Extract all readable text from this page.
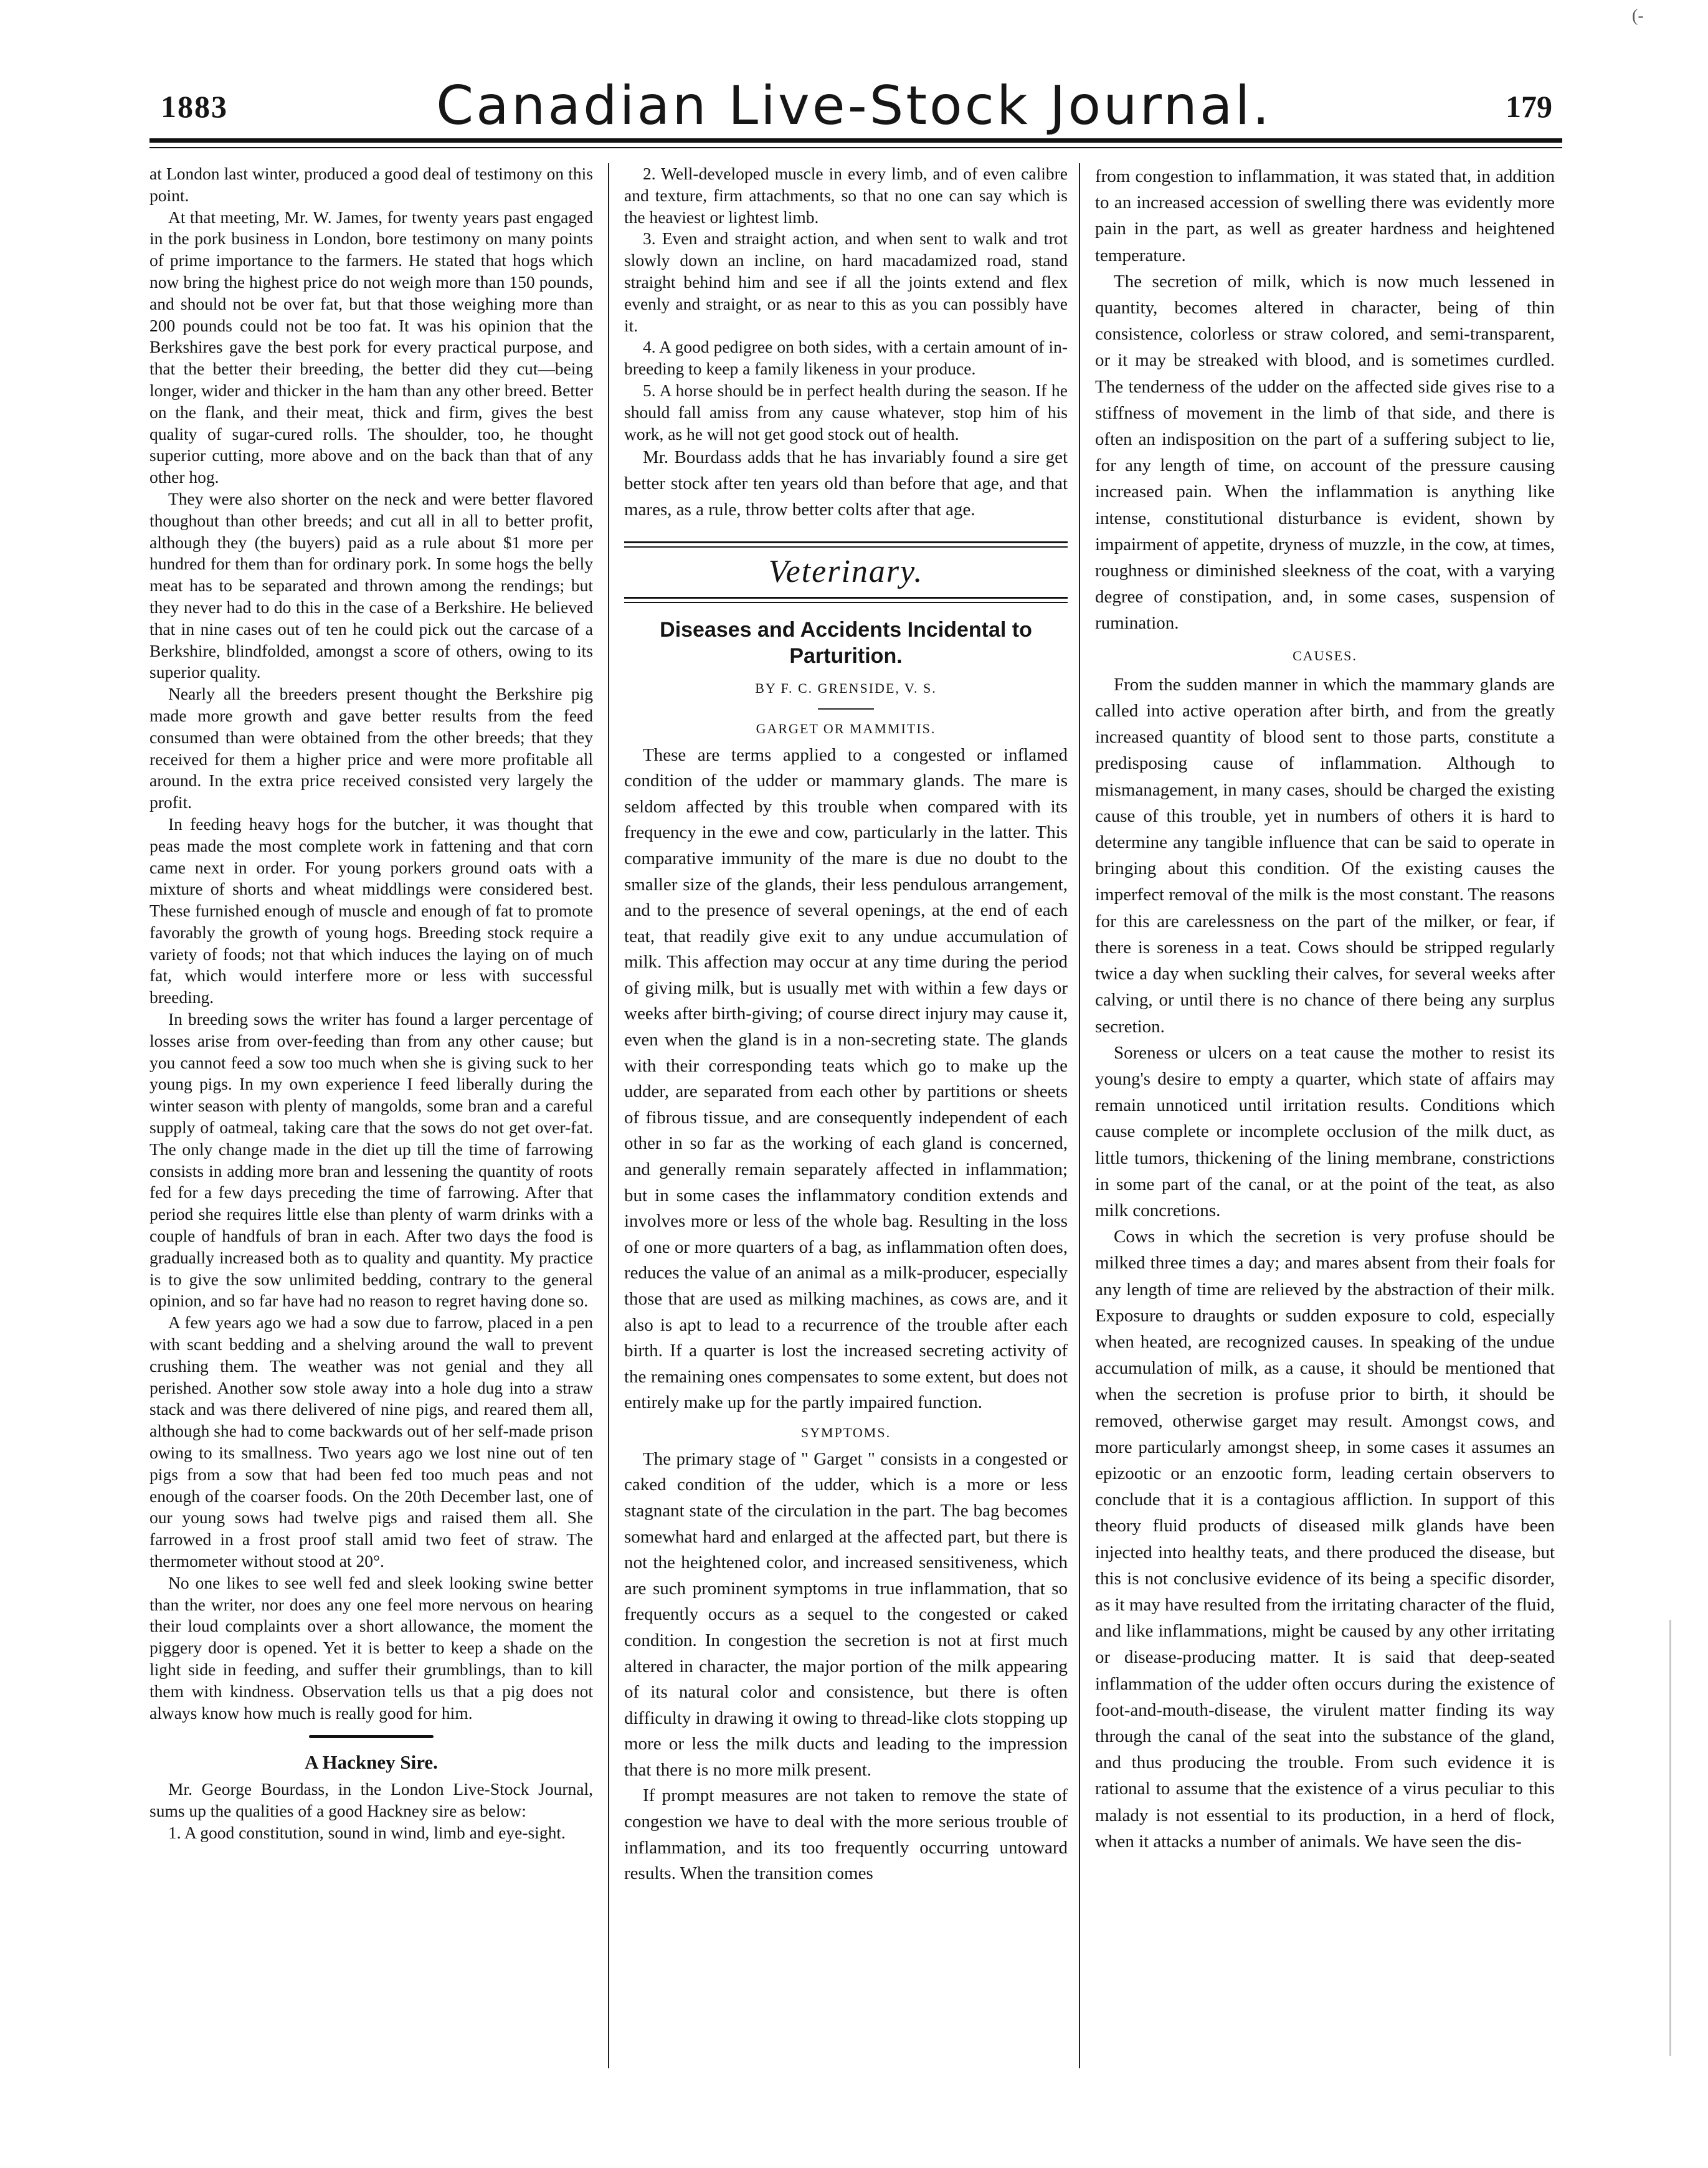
1883	Canadian Live-Stock Journal.	179
(-

at London last winter, produced a good deal of testimony on this point.

At that meeting, Mr. W. James, for twenty years past engaged in the pork business in London, bore testimony on many points of prime importance to the farmers. He stated that hogs which now bring the highest price do not weigh more than 150 pounds, and should not be over fat, but that those weighing more than 200 pounds could not be too fat. It was his opinion that the Berkshires gave the best pork for every practical purpose, and that the better their breeding, the better did they cut—being longer, wider and thicker in the ham than any other breed. Better on the flank, and their meat, thick and firm, gives the best quality of sugar-cured rolls. The shoulder, too, he thought superior cutting, more above and on the back than that of any other hog.

They were also shorter on the neck and were better flavored thoughout than other breeds; and cut all in all to better profit, although they (the buyers) paid as a rule about $1 more per hundred for them than for ordinary pork. In some hogs the belly meat has to be separated and thrown among the rendings; but they never had to do this in the case of a Berkshire. He believed that in nine cases out of ten he could pick out the carcase of a Berkshire, blindfolded, amongst a score of others, owing to its superior quality.

Nearly all the breeders present thought the Berkshire pig made more growth and gave better results from the feed consumed than were obtained from the other breeds; that they received for them a higher price and were more profitable all around. In the extra price received consisted very largely the profit.

In feeding heavy hogs for the butcher, it was thought that peas made the most complete work in fattening and that corn came next in order. For young porkers ground oats with a mixture of shorts and wheat middlings were considered best. These furnished enough of muscle and enough of fat to promote favorably the growth of young hogs. Breeding stock require a variety of foods; not that which induces the laying on of much fat, which would interfere more or less with successful breeding.

In breeding sows the writer has found a larger percentage of losses arise from over-feeding than from any other cause; but you cannot feed a sow too much when she is giving suck to her young pigs. In my own experience I feed liberally during the winter season with plenty of mangolds, some bran and a careful supply of oatmeal, taking care that the sows do not get over-fat. The only change made in the diet up till the time of farrowing consists in adding more bran and lessening the quantity of roots fed for a few days preceding the time of farrowing. After that period she requires little else than plenty of warm drinks with a couple of handfuls of bran in each. After two days the food is gradually increased both as to quality and quantity. My practice is to give the sow unlimited bedding, contrary to the general opinion, and so far have had no reason to regret having done so.

A few years ago we had a sow due to farrow, placed in a pen with scant bedding and a shelving around the wall to prevent crushing them. The weather was not genial and they all perished. Another sow stole away into a hole dug into a straw stack and was there delivered of nine pigs, and reared them all, although she had to come backwards out of her self-made prison owing to its smallness. Two years ago we lost nine out of ten pigs from a sow that had been fed too much peas and not enough of the coarser foods. On the 20th December last, one of our young sows had twelve pigs and raised them all. She farrowed in a frost proof stall amid two feet of straw. The thermometer without stood at 20°.

No one likes to see well fed and sleek looking swine better than the writer, nor does any one feel more nervous on hearing their loud complaints over a short allowance, the moment the piggery door is opened. Yet it is better to keep a shade on the light side in feeding, and suffer their grumblings, than to kill them with kindness. Observation tells us that a pig does not always know how much is really good for him.

A Hackney Sire.

Mr. George Bourdass, in the London Live-Stock Journal, sums up the qualities of a good Hackney sire as below:

1. A good constitution, sound in wind, limb and eye-sight.

2. Well-developed muscle in every limb, and of even calibre and texture, firm attachments, so that no one can say which is the heaviest or lightest limb.

3. Even and straight action, and when sent to walk and trot slowly down an incline, on hard macadamized road, stand straight behind him and see if all the joints extend and flex evenly and straight, or as near to this as you can possibly have it.

4. A good pedigree on both sides, with a certain amount of in-breeding to keep a family likeness in your produce.

5. A horse should be in perfect health during the season. If he should fall amiss from any cause whatever, stop him of his work, as he will not get good stock out of health.

Mr. Bourdass adds that he has invariably found a sire get better stock after ten years old than before that age, and that mares, as a rule, throw better colts after that age.

Veterinary.
Diseases and Accidents Incidental to Parturition.
BY F. C. GRENSIDE, V. S.
GARGET OR MAMMITIS.

These are terms applied to a congested or inflamed condition of the udder or mammary glands. The mare is seldom affected by this trouble when compared with its frequency in the ewe and cow, particularly in the latter. This comparative immunity of the mare is due no doubt to the smaller size of the glands, their less pendulous arrangement, and to the presence of several openings, at the end of each teat, that readily give exit to any undue accumulation of milk. This affection may occur at any time during the period of giving milk, but is usually met with within a few days or weeks after birth-giving; of course direct injury may cause it, even when the gland is in a non-secreting state. The glands with their corresponding teats which go to make up the udder, are separated from each other by partitions or sheets of fibrous tissue, and are consequently independent of each other in so far as the working of each gland is concerned, and generally remain separately affected in inflammation; but in some cases the inflammatory condition extends and involves more or less of the whole bag. Resulting in the loss of one or more quarters of a bag, as inflammation often does, reduces the value of an animal as a milk-producer, especially those that are used as milking machines, as cows are, and it also is apt to lead to a recurrence of the trouble after each birth. If a quarter is lost the increased secreting activity of the remaining ones compensates to some extent, but does not entirely make up for the partly impaired function.

SYMPTOMS.

The primary stage of " Garget " consists in a congested or caked condition of the udder, which is a more or less stagnant state of the circulation in the part. The bag becomes somewhat hard and enlarged at the affected part, but there is not the heightened color, and increased sensitiveness, which are such prominent symptoms in true inflammation, that so frequently occurs as a sequel to the congested or caked condition. In congestion the secretion is not at first much altered in character, the major portion of the milk appearing of its natural color and consistence, but there is often difficulty in drawing it owing to thread-like clots stopping up more or less the milk ducts and leading to the impression that there is no more milk present.

If prompt measures are not taken to remove the state of congestion we have to deal with the more serious trouble of inflammation, and its too frequently occurring untoward results. When the transition comes

from congestion to inflammation, it was stated that, in addition to an increased accession of swelling there was evidently more pain in the part, as well as greater hardness and heightened temperature.

The secretion of milk, which is now much lessened in quantity, becomes altered in character, being of thin consistence, colorless or straw colored, and semi-transparent, or it may be streaked with blood, and is sometimes curdled. The tenderness of the udder on the affected side gives rise to a stiffness of movement in the limb of that side, and there is often an indisposition on the part of a suffering subject to lie, for any length of time, on account of the pressure causing increased pain. When the inflammation is anything like intense, constitutional disturbance is evident, shown by impairment of appetite, dryness of muzzle, in the cow, at times, roughness or diminished sleekness of the coat, with a varying degree of constipation, and, in some cases, suspension of rumination.

CAUSES.

From the sudden manner in which the mammary glands are called into active operation after birth, and from the greatly increased quantity of blood sent to those parts, constitute a predisposing cause of inflammation. Although to mismanagement, in many cases, should be charged the existing cause of this trouble, yet in numbers of others it is hard to determine any tangible influence that can be said to operate in bringing about this condition. Of the existing causes the imperfect removal of the milk is the most constant. The reasons for this are carelessness on the part of the milker, or fear, if there is soreness in a teat. Cows should be stripped regularly twice a day when suckling their calves, for several weeks after calving, or until there is no chance of there being any surplus secretion.

Soreness or ulcers on a teat cause the mother to resist its young's desire to empty a quarter, which state of affairs may remain unnoticed until irritation results. Conditions which cause complete or incomplete occlusion of the milk duct, as little tumors, thickening of the lining membrane, constrictions in some part of the canal, or at the point of the teat, as also milk concretions.

Cows in which the secretion is very profuse should be milked three times a day; and mares absent from their foals for any length of time are relieved by the abstraction of their milk. Exposure to draughts or sudden exposure to cold, especially when heated, are recognized causes. In speaking of the undue accumulation of milk, as a cause, it should be mentioned that when the secretion is profuse prior to birth, it should be removed, otherwise garget may result. Amongst cows, and more particularly amongst sheep, in some cases it assumes an epizootic or an enzootic form, leading certain observers to conclude that it is a contagious affliction. In support of this theory fluid products of diseased milk glands have been injected into healthy teats, and there produced the disease, but this is not conclusive evidence of its being a specific disorder, as it may have resulted from the irritating character of the fluid, and like inflammations, might be caused by any other irritating or disease-producing matter. It is said that deep-seated inflammation of the udder often occurs during the existence of foot-and-mouth-disease, the virulent matter finding its way through the canal of the seat into the substance of the gland, and thus producing the trouble. From such evidence it is rational to assume that the existence of a virus peculiar to this malady is not essential to its production, in a herd of flock, when it attacks a number of animals. We have seen the dis-
